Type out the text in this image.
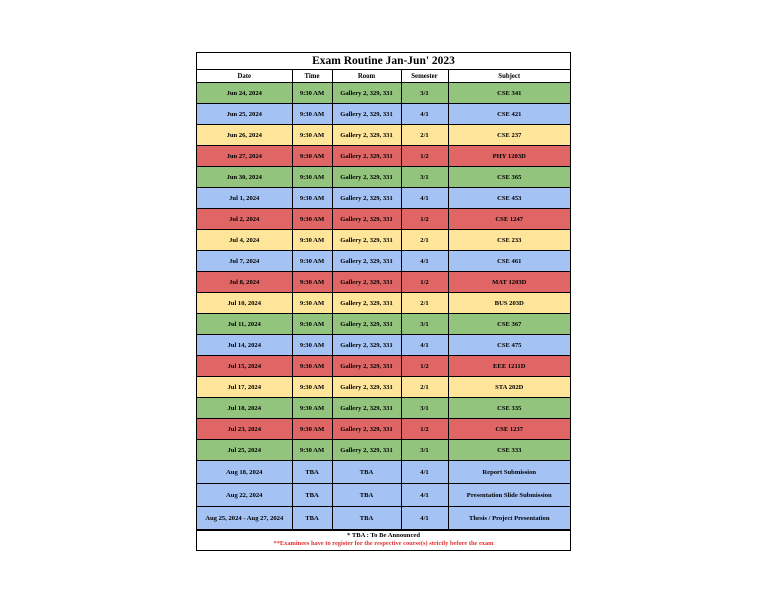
Exam Routine Jan-Jun' 2023
Date	Time	Room	Semester	Subject
Jun 24, 2024	9:30 AM	Gallery 2, 329, 331	3/1	CSE 341
Jun 25, 2024	9:30 AM	Gallery 2, 329, 331	4/1	CSE 421
Jun 26, 2024	9:30 AM	Gallery 2, 329, 331	2/1	CSE 237
Jun 27, 2024	9:30 AM	Gallery 2, 329, 331	1/2	PHY 1203D
Jun 30, 2024	9:30 AM	Gallery 2, 329, 331	3/1	CSE 365
Jul 1, 2024	9:30 AM	Gallery 2, 329, 331	4/1	CSE 453
Jul 2, 2024	9:30 AM	Gallery 2, 329, 331	1/2	CSE 1247
Jul 4, 2024	9:30 AM	Gallery 2, 329, 331	2/1	CSE 233
Jul 7, 2024	9:30 AM	Gallery 2, 329, 331	4/1	CSE 461
Jul 8, 2024	9:30 AM	Gallery 2, 329, 331	1/2	MAT 1203D
Jul 10, 2024	9:30 AM	Gallery 2, 329, 331	2/1	BUS 203D
Jul 11, 2024	9:30 AM	Gallery 2, 329, 331	3/1	CSE 367
Jul 14, 2024	9:30 AM	Gallery 2, 329, 331	4/1	CSE 475
Jul 15, 2024	9:30 AM	Gallery 2, 329, 331	1/2	EEE 1211D
Jul 17, 2024	9:30 AM	Gallery 2, 329, 331	2/1	STA 202D
Jul 18, 2024	9:30 AM	Gallery 2, 329, 331	3/1	CSE 335
Jul 23, 2024	9:30 AM	Gallery 2, 329, 331	1/2	CSE 1237
Jul 25, 2024	9:30 AM	Gallery 2, 329, 331	3/1	CSE 333
Aug 18, 2024	TBA	TBA	4/1	Report Submission
Aug 22, 2024	TBA	TBA	4/1	Presentation Slide Submission
Aug 25, 2024 - Aug 27, 2024	TBA	TBA	4/1	Thesis / Project Presentation
* TBA : To Be Announced
**Examinees have to register for the respective course(s) strictly before the exam
